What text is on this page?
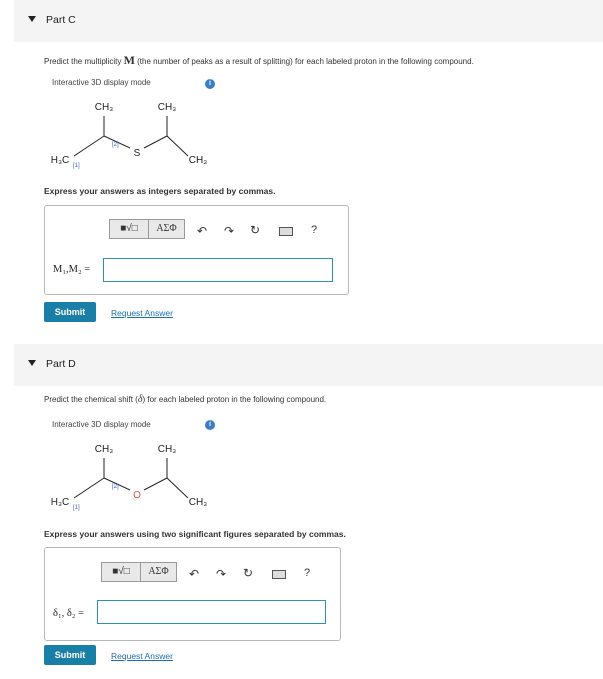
Part C
Predict the multiplicity M (the number of peaks as a result of splitting) for each labeled proton in the following compound.
Interactive 3D display mode	i
CH₃	CH₃
H₃C
S
CH₃
[1]
[2]
Express your answers as integers separated by commas.
■√□	ΑΣΦ	↶ ↷ ↻	?
M₁,M₂ =
Submit	Request Answer
Part D
Predict the chemical shift (δ) for each labeled proton in the following compound.
Interactive 3D display mode	i
CH₃	CH₃
H₃C
O
CH₃
[1]
[2]
Express your answers using two significant figures separated by commas.
■√□	ΑΣΦ	↶ ↷ ↻	?
δ₁, δ₂ =
Submit	Request Answer
